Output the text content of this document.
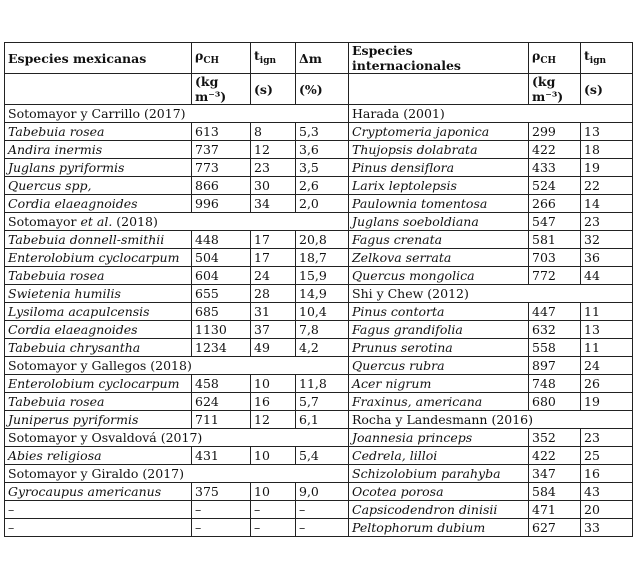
Especies mexicanas	$\rho_{CH}$	$t_{ign}$	Δm	Especies internacionales	$\rho_{CH}$	$t_{ign}$
	(kg m⁻³)	(s)	(%)		(kg m⁻³)	(s)
Sotomayor y Carrillo (2017)				Harada (2001)		
Tabebuia rosea	613	8	5,3	Cryptomeria japonica	299	13
Andira inermis	737	12	3,6	Thujopsis dolabrata	422	18
Juglans pyriformis	773	23	3,5	Pinus densiflora	433	19
Quercus spp,	866	30	2,6	Larix leptolepsis	524	22
Cordia elaeagnoides	996	34	2,0	Paulownia tomentosa	266	14
Sotomayor et al. (2018)				Juglans soeboldiana	547	23
Tabebuia donnell-smithii	448	17	20,8	Fagus crenata	581	32
Enterolobium cyclocarpum	504	17	18,7	Zelkova serrata	703	36
Tabebuia rosea	604	24	15,9	Quercus mongolica	772	44
Swietenia humilis	655	28	14,9	Shi y Chew (2012)		
Lysiloma acapulcensis	685	31	10,4	Pinus contorta	447	11
Cordia elaeagnoides	1130	37	7,8	Fagus grandifolia	632	13
Tabebuia chrysantha	1234	49	4,2	Prunus serotina	558	11
Sotomayor y Gallegos (2018)				Quercus rubra	897	24
Enterolobium cyclocarpum	458	10	11,8	Acer nigrum	748	26
Tabebuia rosea	624	16	5,7	Fraxinus, americana	680	19
Juniperus pyriformis	711	12	6,1	Rocha y Landesmann (2016)		
Sotomayor y Osvaldová (2017)				Joannesia princeps	352	23
Abies religiosa	431	10	5,4	Cedrela, lilloi	422	25
Sotomayor y Giraldo (2017)				Schizolobium parahyba	347	16
Gyrocaupus americanus	375	10	9,0	Ocotea porosa	584	43
–	–	–	–	Capsicodendron dinisii	471	20
–	–	–	–	Peltophorum dubium	627	33
